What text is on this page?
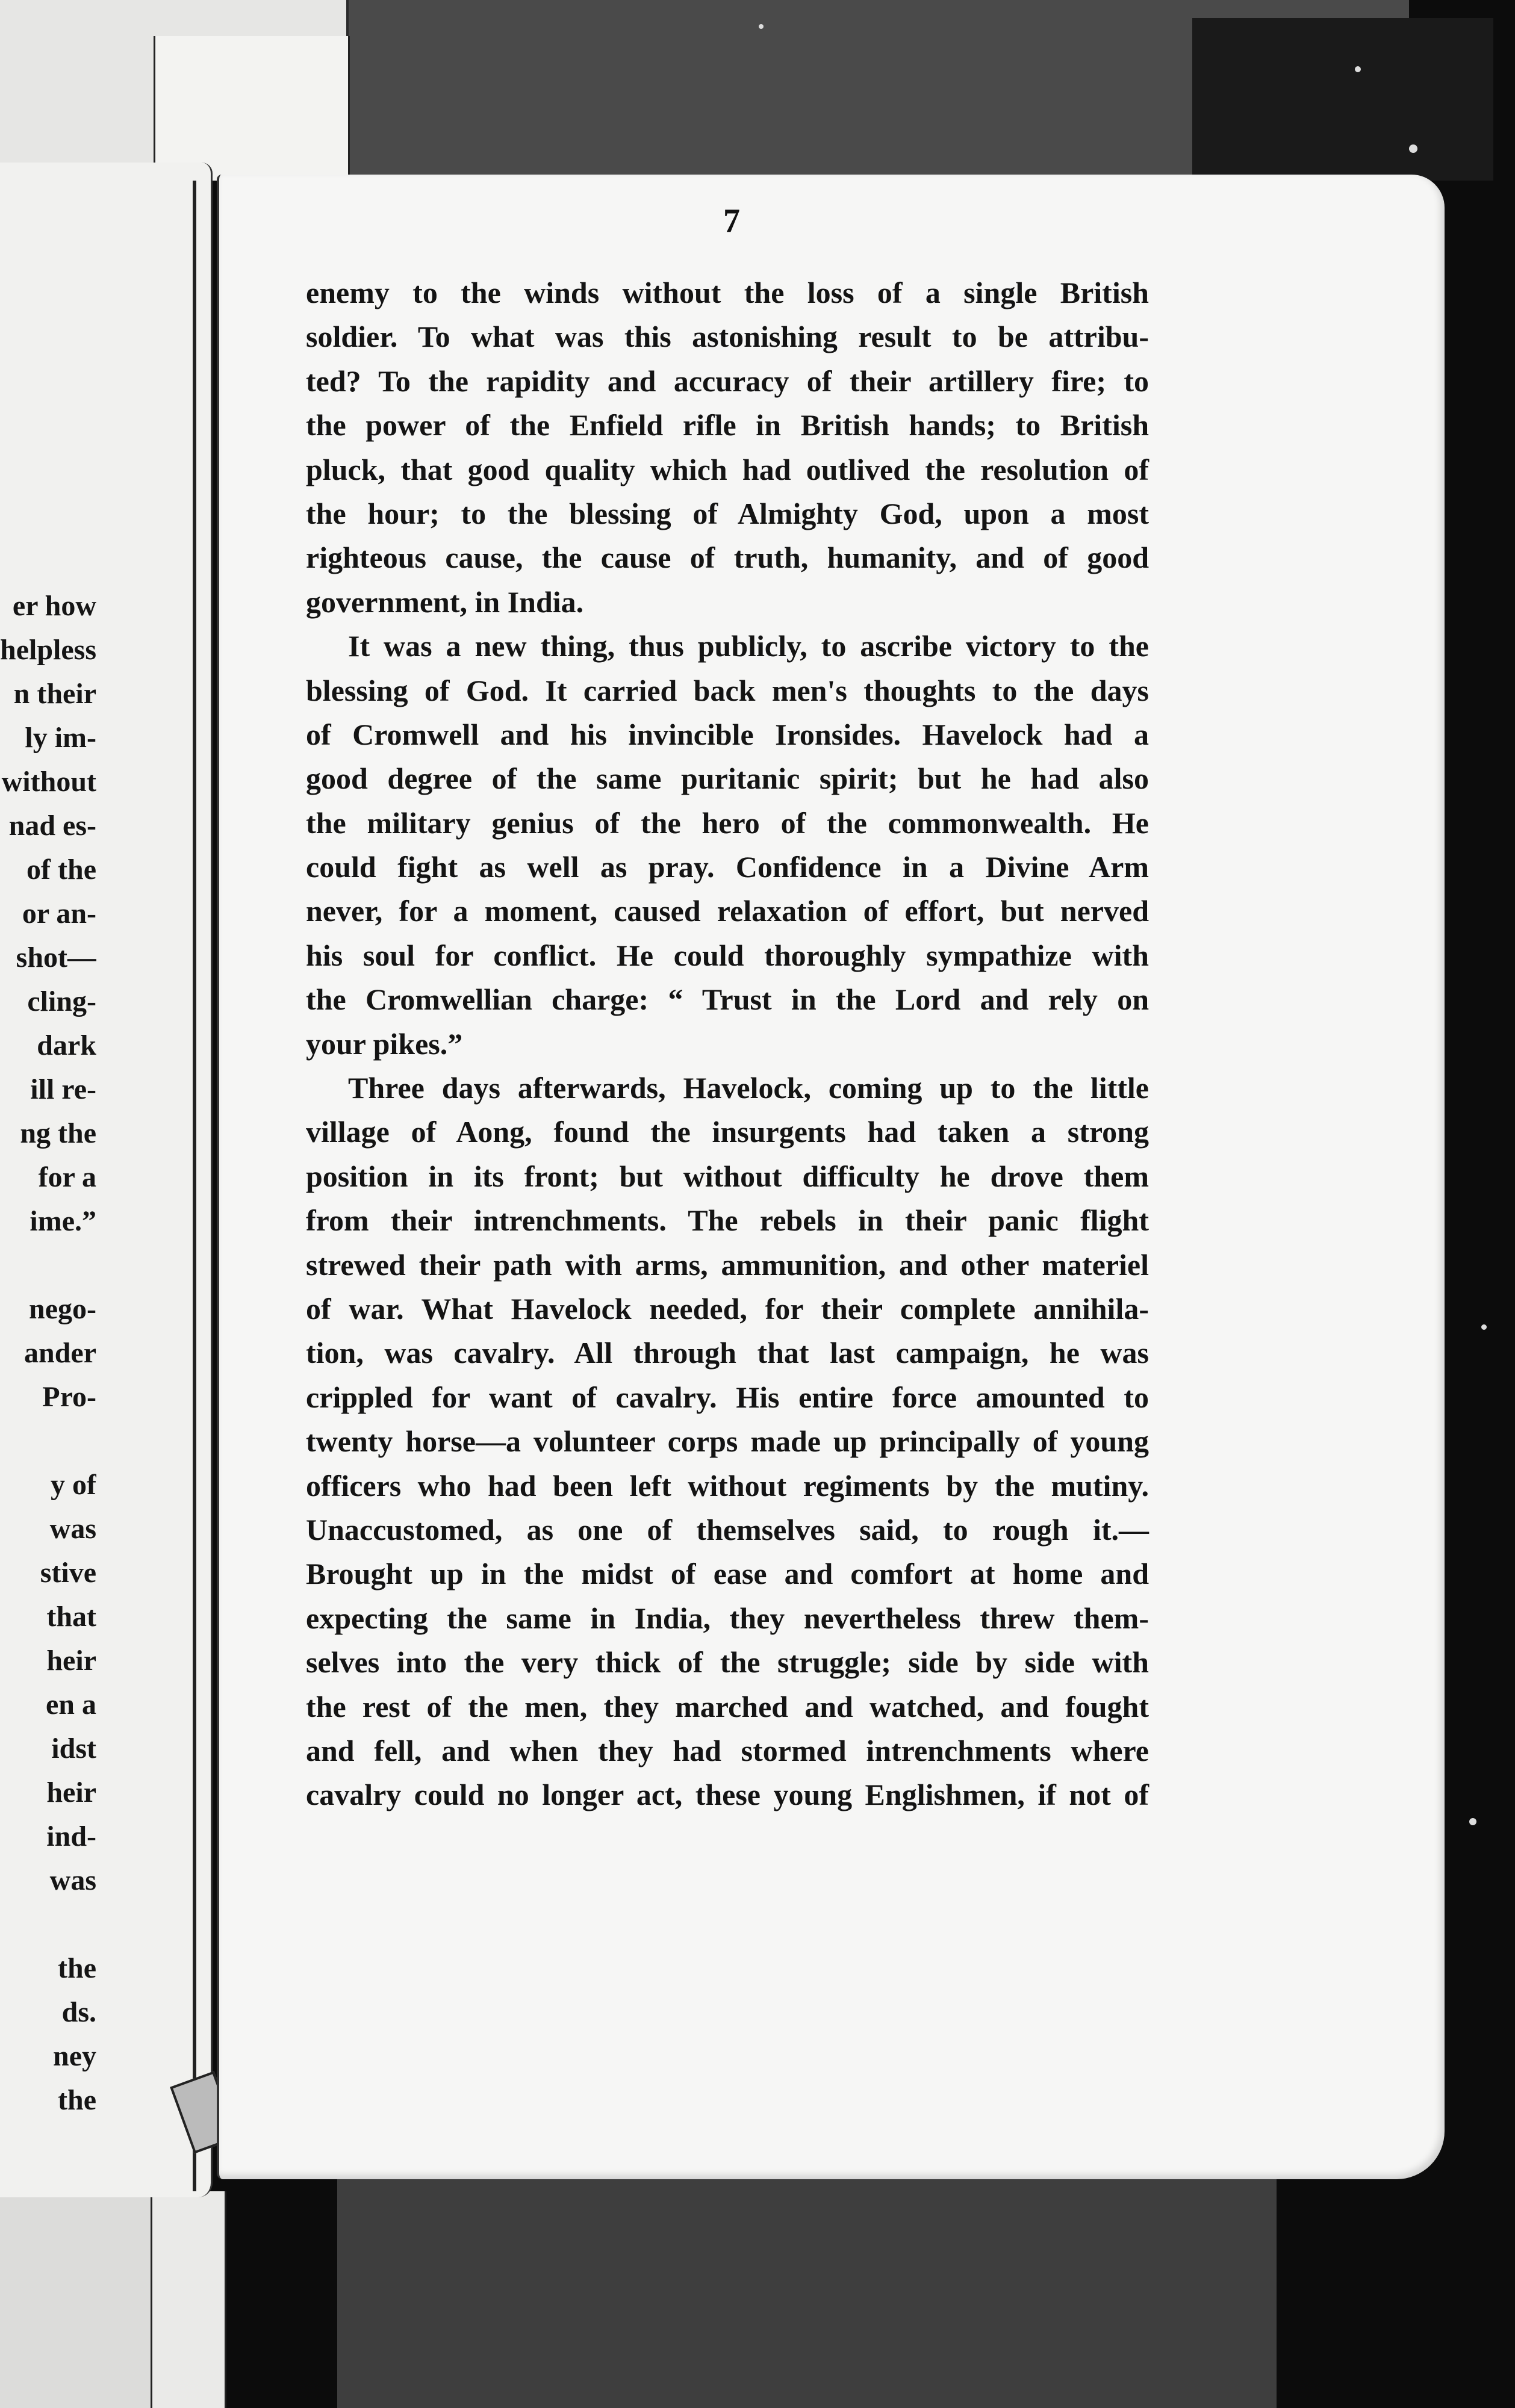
er how
helpless
n their
ly im-
without
nad es-
of the
or an-
shot—
cling-
dark
ill re-
ng the
for a
ime.”
nego-
ander
Pro-
y of
was
stive
that
heir
en a
idst
heir
ind-
was
the
ds.
ney
the
7
enemy to the winds without the loss of a single British
soldier. To what was this astonishing result to be attribu-
ted? To the rapidity and accuracy of their artillery fire; to
the power of the Enfield rifle in British hands; to British
pluck, that good quality which had outlived the resolution of
the hour; to the blessing of Almighty God, upon a most
righteous cause, the cause of truth, humanity, and of good
government, in India.
It was a new thing, thus publicly, to ascribe victory to the
blessing of God. It carried back men's thoughts to the days
of Cromwell and his invincible Ironsides. Havelock had a
good degree of the same puritanic spirit; but he had also
the military genius of the hero of the commonwealth. He
could fight as well as pray. Confidence in a Divine Arm
never, for a moment, caused relaxation of effort, but nerved
his soul for conflict. He could thoroughly sympathize with
the Cromwellian charge: “ Trust in the Lord and rely on
your pikes.”
Three days afterwards, Havelock, coming up to the little
village of Aong, found the insurgents had taken a strong
position in its front; but without difficulty he drove them
from their intrenchments. The rebels in their panic flight
strewed their path with arms, ammunition, and other materiel
of war. What Havelock needed, for their complete annihila-
tion, was cavalry. All through that last campaign, he was
crippled for want of cavalry. His entire force amounted to
twenty horse—a volunteer corps made up principally of young
officers who had been left without regiments by the mutiny.
Unaccustomed, as one of themselves said, to rough it.—
Brought up in the midst of ease and comfort at home and
expecting the same in India, they nevertheless threw them-
selves into the very thick of the struggle; side by side with
the rest of the men, they marched and watched, and fought
and fell, and when they had stormed intrenchments where
cavalry could no longer act, these young Englishmen, if not of
